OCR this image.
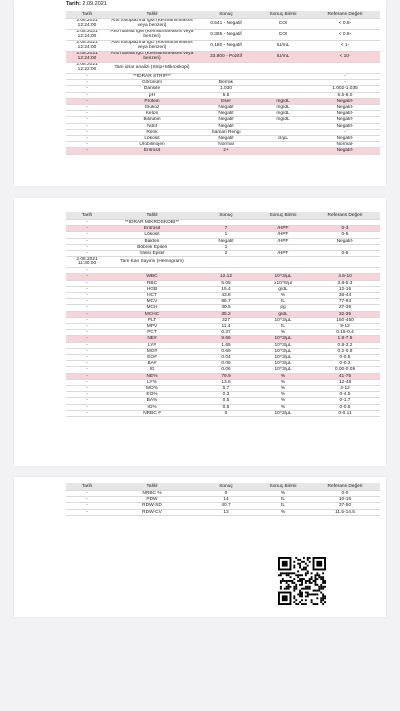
Tarih: 2.09.2021
Tarih	Tahlil	Sonuç	Sonuç Birimi	Referans Değeri
2.08.2021 12:24:00	Anti toxoplazma IgM (Kemilumineasns veya benzeri)	0.541 - Negatif	COI	< 0.8-
2.08.2021 12:24:00	Anti rubella IgM (Kemilumineasns veya benzeri)	0.385 - Negatif	COI	< 0.8-
2.08.2021 12:24:00	Anti toxoplazma IgG (Kemilumineasns veya benzeri)	0.180 - Negatif	IU/mL	< 1-
2.08.2021 12:24:00	Anti rubella IgG (Kemilumineasns veya benzeri)	33.800 - Pozitif	IU/mL	< 10-
2.08.2021 12:22:00	Tam idrar analizi (Strip+Mikroskopi)			
-	**İDRAR STRIP**			-
-	Görünüm	Berrak		-
-	Dansite	1.030		1.002-1.035
-	pH	5.5		5.5-8.0
-	Protein	Eser	mg/dL	Negatif-
-	Glukoz	Negatif	mg/dL	Negatif-
-	Keton	Negatif	mg/dL	Negatif-
-	Bilirubin	Negatif	mg/dL	Negatif-
-	Nitrit	Negatif		Negatif-
-	Renk	Saman Rengi		-
-	Lökosit	Negatif	cl/µL	Negatif-
-	Ürobilinojen	Normal		Normal-
-	Eritrosit	2+		Negatif-
Tarih	Tahlil	Sonuç	Sonuç Birimi	Referans Değeri
-	**İDRAR MİKROSKOBİ**			
-	Eritrosit	7	/HPF	0-3
-	Lökosit	1	/HPF	0-5
-	Bakteri	Negatif	/HPF	Negatif-
-	Böbrek Epiteli	1		
-	Yassı Epitel	2	/HPF	0-5
2.08.2021 11:30:00	Tam Kan Sayımı (Hemogram)			
-				
-	WBC	12.12	10^3/µL	4.5-10
-	RBC	5.05	x10^6/µl	3.8-5.3
-	HGB	15.4	g/dL	12-16
-	HCT	43.8	%	36-44
-	MCV	86.7	fL	77-94
-	MCH	30.5	pg	27-35
-	MCHC	35.2	g/dL	32-35
-	PLT	327	10^3/µL	150-450
-	MPV	11.4	fL	9-12
-	PCT	0.37	%	0.15-0.4
-	NE#	9.66	10^3/µL	1.8-7.5
-	LY#	1.65	10^3/µL	0.8-3.2
-	MO#	0.69	10^3/µL	0.2-0.9
-	EO#	0.04	10^3/µL	0-0.5
-	BA#	0.06	10^3/µL	0-0.2
-	IG	0.06	10^3/µL	0.00-0.09
-	NE%	79.9	%	41-75
-	LY%	13.6	%	12-48
-	MO%	5.7	%	4-12
-	EO%	0.3	%	0-4.5
-	BA%	0.5	%	0-1.7
-	IG%	0.5	%	0-0.6
-	NRBC #	0	10^3/µL	0-0.11
Tarih	Tahlil	Sonuç	Sonuç Birimi	Referans Değeri
-	NRBC %	0	%	0-0
-	PDW	14	fL	10-16
-	RDW-SD	40.7	fL	37-50
-	RDW-CV	13	%	11.5-14.5
